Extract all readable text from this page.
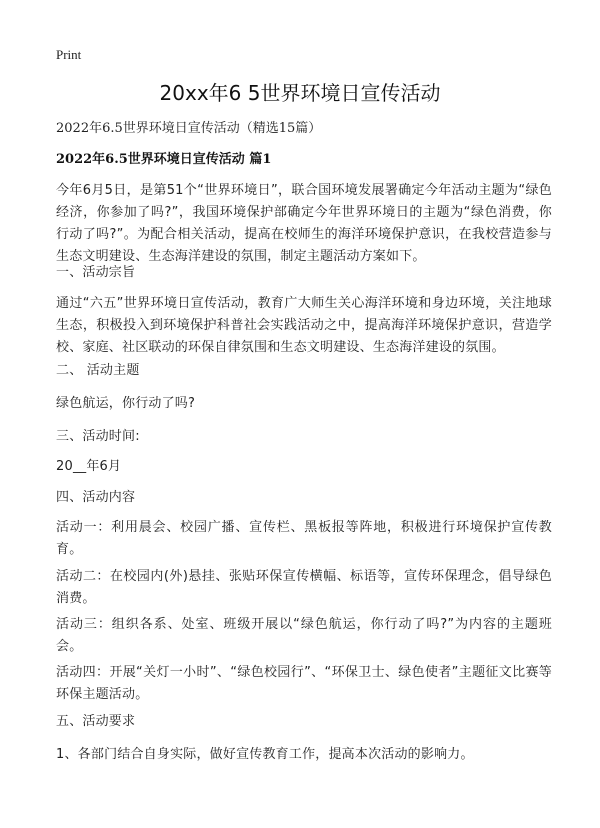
Print
20xx年6 5世界环境日宣传活动
2022年6.5世界环境日宣传活动（精选15篇）
2022年6.5世界环境日宣传活动 篇1
今年6月5日，是第51个“世界环境日”，联合国环境发展署确定今年活动主题为“绿色经济，你参加了吗?”，我国环境保护部确定今年世界环境日的主题为“绿色消费，你行动了吗?”。为配合相关活动，提高在校师生的海洋环境保护意识，在我校营造参与生态文明建设、生态海洋建设的氛围，制定主题活动方案如下。
一、活动宗旨
通过“六五”世界环境日宣传活动，教育广大师生关心海洋环境和身边环境，关注地球生态，积极投入到环境保护科普社会实践活动之中，提高海洋环境保护意识，营造学校、家庭、社区联动的环保自律氛围和生态文明建设、生态海洋建设的氛围。
二、 活动主题
绿色航运，你行动了吗?
三、活动时间:
20__年6月
四、活动内容
活动一：利用晨会、校园广播、宣传栏、黑板报等阵地，积极进行环境保护宣传教育。
活动二：在校园内(外)悬挂、张贴环保宣传横幅、标语等，宣传环保理念，倡导绿色消费。
活动三：组织各系、处室、班级开展以“绿色航运，你行动了吗?”为内容的主题班会。
活动四：开展“关灯一小时”、“绿色校园行”、“环保卫士、绿色使者”主题征文比赛等环保主题活动。
五、活动要求
1、各部门结合自身实际，做好宣传教育工作，提高本次活动的影响力。
